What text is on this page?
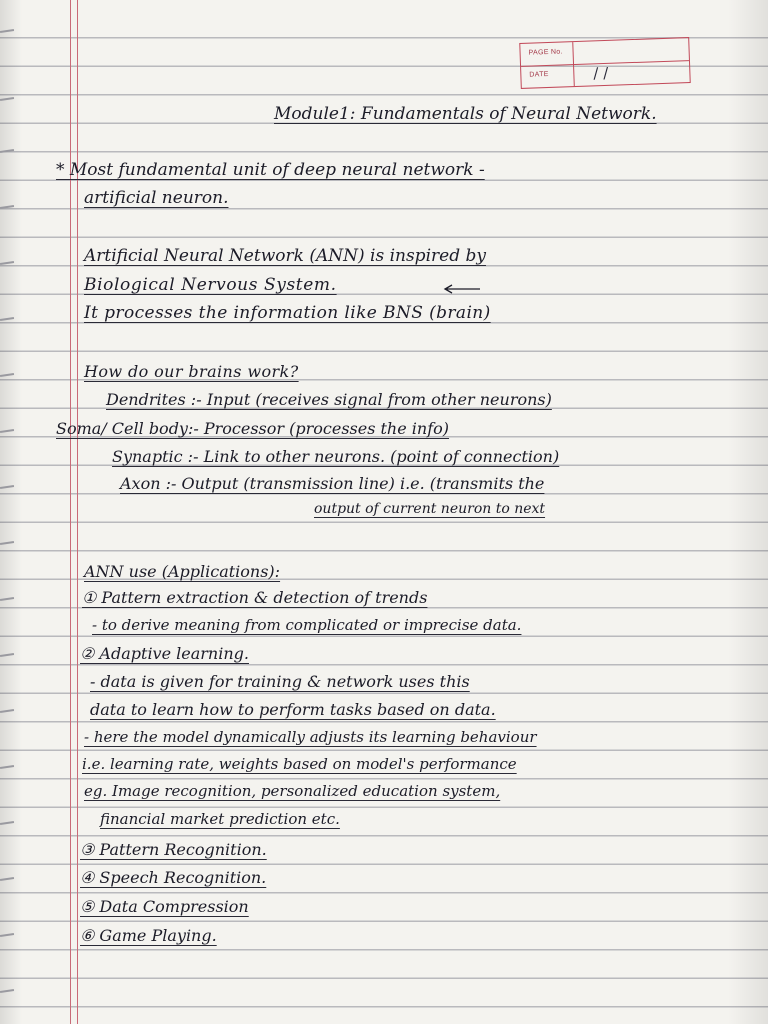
PAGE No.
DATE	/ /
Module1: Fundamentals of Neural Network.
* Most fundamental unit of deep neural network -
artificial neuron.
Artificial Neural Network (ANN) is inspired by
Biological Nervous System.
It processes the information like BNS (brain)
How do our brains work?
Dendrites :- Input (receives signal from other neurons)
Soma/ Cell body:- Processor (processes the info)
Synaptic :- Link to other neurons. (point of connection)
Axon :- Output (transmission line) i.e. (transmits the
output of current neuron to next
ANN use (Applications):
① Pattern extraction & detection of trends
- to derive meaning from complicated or imprecise data.
② Adaptive learning.
- data is given for training & network uses this
data to learn how to perform tasks based on data.
- here the model dynamically adjusts its learning behaviour
i.e. learning rate, weights based on model's performance
eg. Image recognition, personalized education system,
financial market prediction etc.
③ Pattern Recognition.
④ Speech Recognition.
⑤ Data Compression
⑥ Game Playing.
